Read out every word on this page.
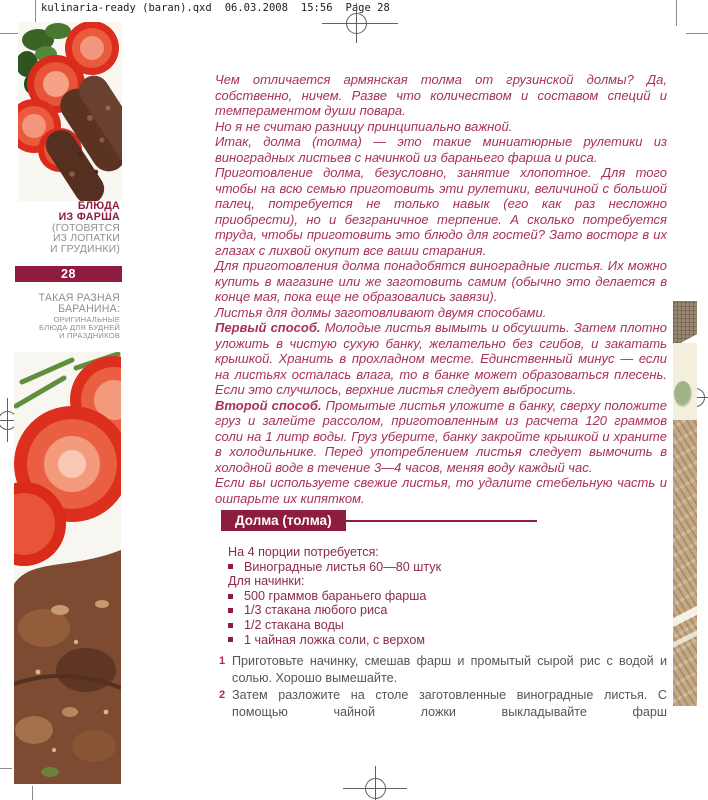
kulinaria-ready (baran).qxd 06.03.2008 15:56 Page 28
БЛЮДА
ИЗ ФАРША
(ГОТОВЯТСЯ
ИЗ ЛОПАТКИ
И ГРУДИНКИ)
28
ТАКАЯ РАЗНАЯ
БАРАНИНА:
ОРИГИНАЛЬНЫЕ
БЛЮДА ДЛЯ БУДНЕЙ
И ПРАЗДНИКОВ

Чем отличается армянская толма от грузинской долмы? Да, собственно, ничем. Разве что количеством и составом специй и темпераментом души повара.

Но я не считаю разницу принципиально важной.

Итак, долма (толма) — это такие миниатюрные рулетики из виноградных листьев с начинкой из бараньего фарша и риса.

Приготовление долма, безусловно, занятие хлопотное. Для того чтобы на всю семью приготовить эти рулетики, величиной с большой палец, потребуется не только навык (его как раз несложно приобрести), но и безграничное терпение. А сколько потребуется труда, чтобы приготовить это блюдо для гостей? Зато восторг в их глазах с лихвой окупит все ваши старания.

Для приготовления долма понадобятся виноградные листья. Их можно купить в магазине или же заготовить самим (обычно это делается в конце мая, пока еще не образовались завязи).

Листья для долмы заготовливают двумя способами.

Первый способ. Молодые листья вымыть и обсушить. Затем плотно уложить в чистую сухую банку, желательно без сгибов, и закатать крышкой. Хранить в прохладном месте. Единственный минус — если на листьях осталась влага, то в банке может образоваться плесень. Если это случилось, верхние листья следует выбросить.

Второй способ. Промытые листья уложите в банку, сверху положите груз и залейте рассолом, приготовленным из расчета 120 граммов соли на 1 литр воды. Груз уберите, банку закройте крышкой и храните в холодильнике. Перед употреблением листья следует вымочить в холодной воде в течение 3—4 часов, меняя воду каждый час.

Если вы используете свежие листья, то удалите стебельную часть и ошпарьте их кипятком.

Долма (толма)
На 4 порции потребуется:
Виноградные листья 60—80 штук
Для начинки:
500 граммов бараньего фарша
1/3 стакана любого риса
1/2 стакана воды
1 чайная ложка соли, с верхом
1 Приготовьте начинку, смешав фарш и промытый сырой рис с водой и солью. Хорошо вымешайте.

2 Затем разложите на столе заготовленные виноградные листья. С помощью чайной ложки выкладывайте фарш
